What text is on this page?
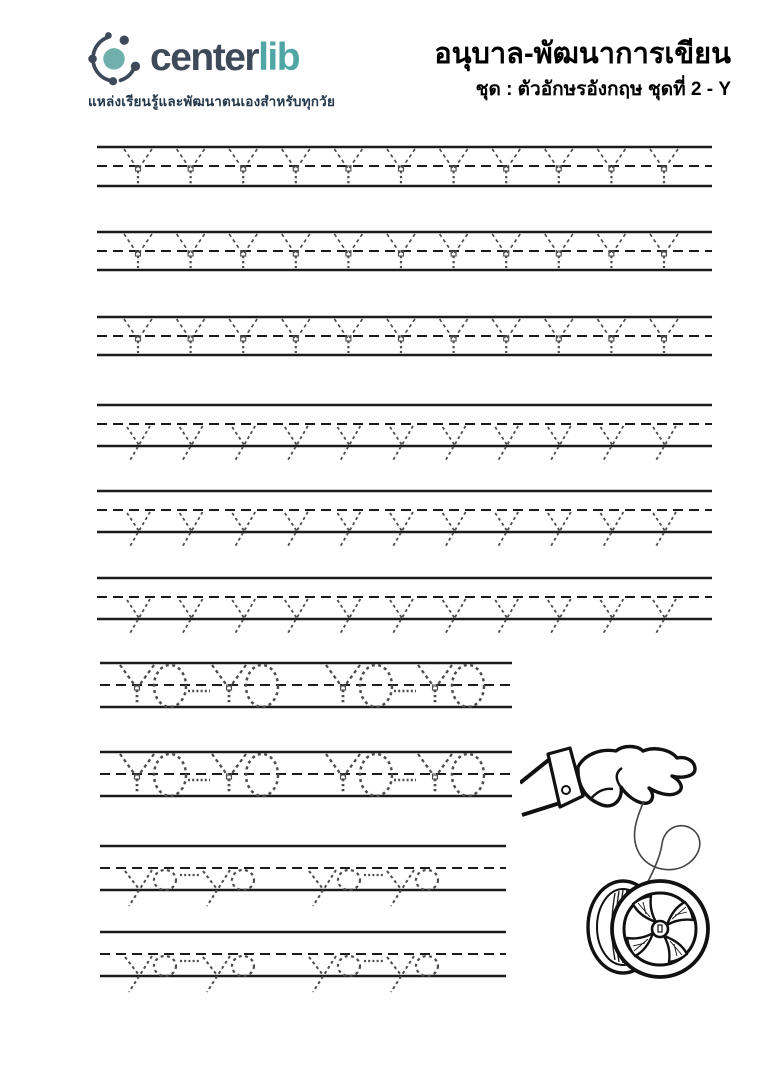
centerlib
แหล่งเรียนรู้และพัฒนาตนเองสำหรับทุกวัย
อนุบาล-พัฒนาการเขียน
ชุด : ตัวอักษรอังกฤษ ชุดที่ 2 - Y
